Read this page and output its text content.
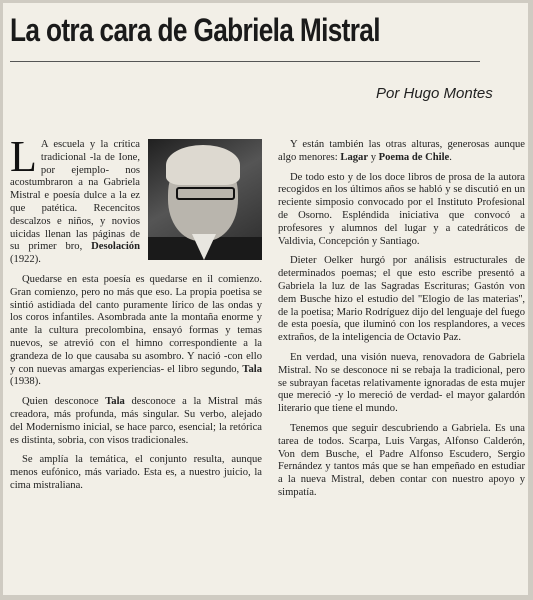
La otra cara de Gabriela Mistral
Por Hugo Montes

L A escuela y la crítica tradicional -la de Ione, por ejemplo- nos acostumbraron a na Gabriela Mistral e poesía dulce a la ez que patética. Recencitos descalzos e niños, y novios uicidas llenan las páginas de su primer bro, Desolación (1922).

Quedarse en esta poesía es quedarse en il comienzo. Gran comienzo, pero no más que eso. La propia poetisa se sintió astidiada del canto puramente lírico de las ondas y los coros infantiles. Asombrada ante la montaña enorme y ante la cultura precolombina, ensayó formas y temas nuevos, se atrevió con el himno correspondiente a la grandeza de lo que causaba su asombro. Y nació -con ello y con nuevas amargas experiencias- el libro segundo, Tala (1938).

Quien desconoce Tala desconoce a la Mistral más creadora, más profunda, más singular. Su verbo, alejado del Modernismo inicial, se hace parco, esencial; la retórica es distinta, sobria, con visos tradicionales.

Se amplía la temática, el conjunto resulta, aunque menos eufónico, más variado. Esta es, a nuestro juicio, la cima mistraliana.

Y están también las otras alturas, generosas aunque algo menores: Lagar y Poema de Chile.

De todo esto y de los doce libros de prosa de la autora recogidos en los últimos años se habló y se discutió en un reciente simposio convocado por el Instituto Profesional de Osorno. Espléndida iniciativa que convocó a profesores y alumnos del lugar y a catedráticos de Valdivia, Concepción y Santiago.

Dieter Oelker hurgó por análisis estructurales de determinados poemas; el que esto escribe presentó a Gabriela la luz de las Sagradas Escrituras; Gastón von dem Busche hizo el estudio del ''Elogio de las materias'', de la poetisa; Mario Rodríguez dijo del lenguaje del fuego de esta poesía, que iluminó con los resplandores, a veces extraños, de la inteligencia de Octavio Paz.

En verdad, una visión nueva, renovadora de Gabriela Mistral. No se desconoce ni se rebaja la tradicional, pero se subrayan facetas relativamente ignoradas de esta mujer que mereció -y lo mereció de verdad- el mayor galardón literario que tiene el mundo.

Tenemos que seguir descubriendo a Gabriela. Es una tarea de todos. Scarpa, Luis Vargas, Alfonso Calderón, Von dem Busche, el Padre Alfonso Escudero, Sergio Fernández y tantos más que se han empeñado en estudiar a la nueva Mistral, deben contar con nuestro apoyo y simpatía.
